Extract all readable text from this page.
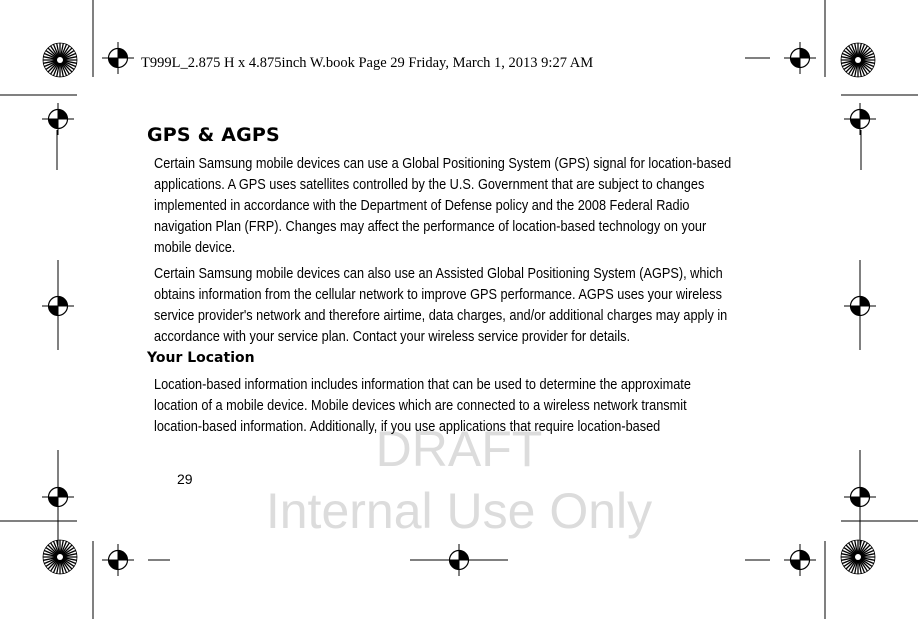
T999L_2.875 H x 4.875inch W.book Page 29 Friday, March 1, 2013 9:27 AM
DRAFT
Internal Use Only
GPS & AGPS

Certain Samsung mobile devices can use a Global Positioning System (GPS) signal for location-based
applications. A GPS uses satellites controlled by the U.S. Government that are subject to changes
implemented in accordance with the Department of Defense policy and the 2008 Federal Radio
navigation Plan (FRP). Changes may affect the performance of location-based technology on your
mobile device.

Certain Samsung mobile devices can also use an Assisted Global Positioning System (AGPS), which
obtains information from the cellular network to improve GPS performance. AGPS uses your wireless
service provider's network and therefore airtime, data charges, and/or additional charges may apply in
accordance with your service plan. Contact your wireless service provider for details.

Your Location

Location-based information includes information that can be used to determine the approximate
location of a mobile device. Mobile devices which are connected to a wireless network transmit
location-based information. Additionally, if you use applications that require location-based

29
